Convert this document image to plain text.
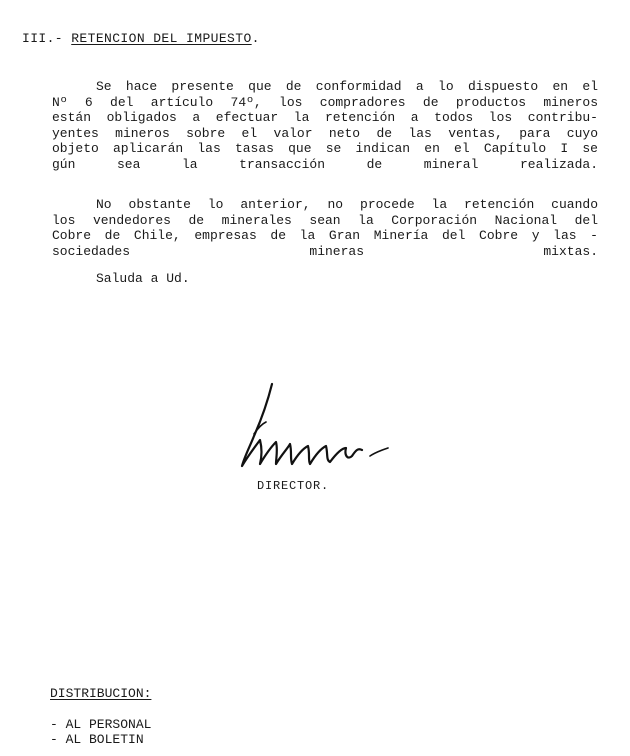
III.- RETENCION DEL IMPUESTO.
Se hace presente que de conformidad a lo dispuesto en el
Nº 6 del artículo 74º, los compradores de productos mineros
están obligados a efectuar la retención a todos los contribu-
yentes mineros sobre el valor neto de las ventas, para cuyo
objeto aplicarán las tasas que se indican en el Capítulo I se
gún sea la transacción de mineral realizada.
No obstante lo anterior, no procede la retención cuando
los vendedores de minerales sean la Corporación Nacional del
Cobre de Chile, empresas de la Gran Minería del Cobre y las -
sociedades mineras mixtas.
Saluda a Ud.
DIRECTOR.
DISTRIBUCION:
- AL PERSONAL
- AL BOLETIN
